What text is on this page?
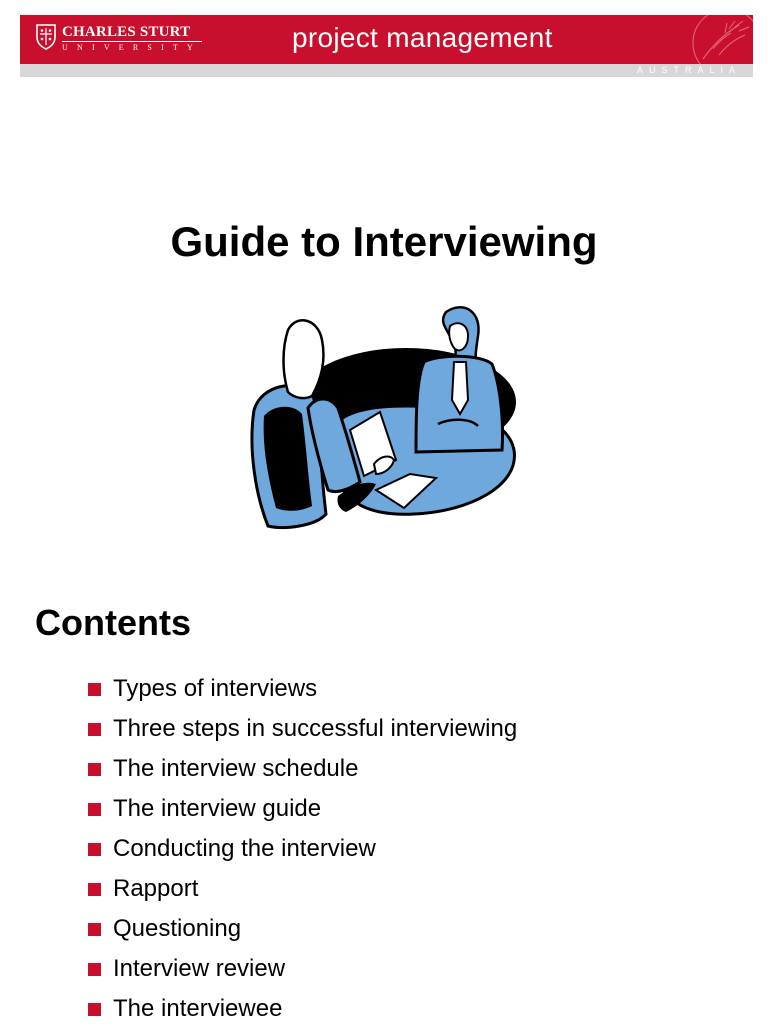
CHARLES STURT
UNIVERSITY	project management
AUSTRALIA
Guide to Interviewing
Contents
Types of interviews
Three steps in successful interviewing
The interview schedule
The interview guide
Conducting the interview
Rapport
Questioning
Interview review
The interviewee
